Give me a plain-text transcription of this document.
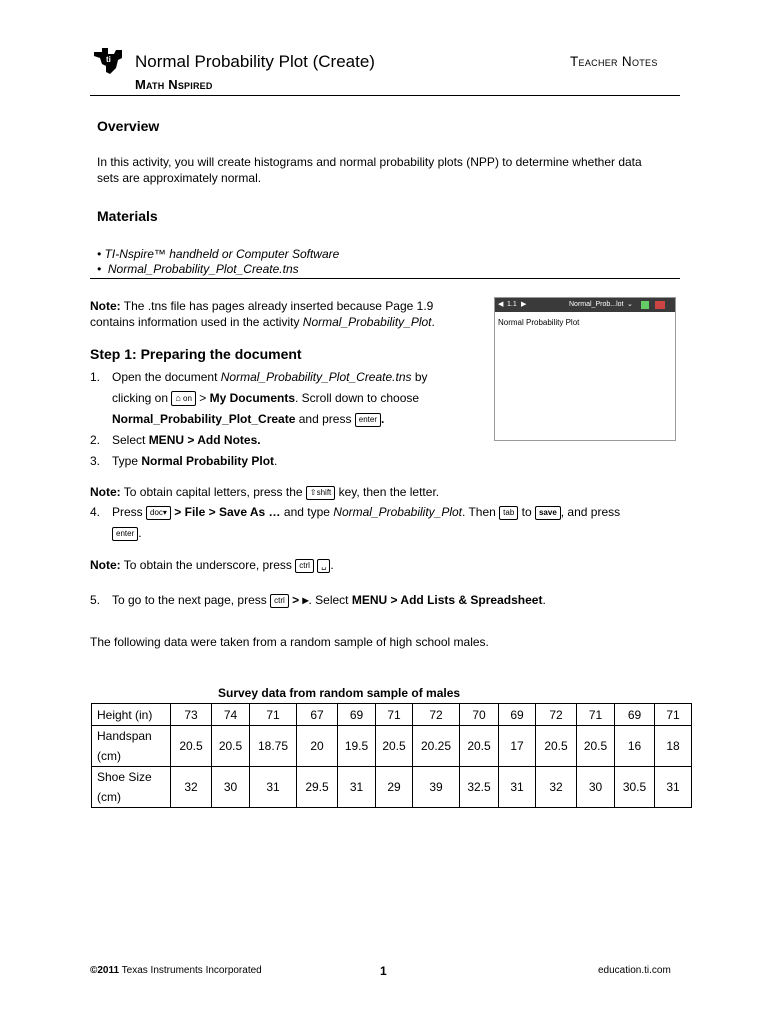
ti Normal Probability Plot (Create)
Math Nspired
Teacher Notes
Overview
In this activity, you will create histograms and normal probability plots (NPP) to determine whether data
sets are approximately normal.
Materials
• TI-Nspire™ handheld or Computer Software
•  Normal_Probability_Plot_Create.tns
Note: The .tns file has pages already inserted because Page 1.9
contains information used in the activity Normal_Probability_Plot.
◀ 1.1 ▶	Normal_Prob...lot ⌄
Normal Probability Plot
Step 1: Preparing the document
1. Open the document Normal_Probability_Plot_Create.tns by
clicking on ⌂ on > My Documents. Scroll down to choose
Normal_Probability_Plot_Create and press enter .
2. Select MENU > Add Notes.
3. Type Normal Probability Plot.
Note: To obtain capital letters, press the ⇧shift key, then the letter.
4. Press doc▾ > File > Save As … and type Normal_Probability_Plot. Then tab to save , and press
enter .
Note: To obtain the underscore, press ctrl ␣ .
5. To go to the next page, press ctrl > ▸. Select MENU > Add Lists & Spreadsheet.
The following data were taken from a random sample of high school males.
Survey data from random sample of males
Height (in)	73	74	71	67	69	71	72	70	69	72	71	69	71

Handspan
(cm)	20.5	20.5	18.75	20	19.5	20.5	20.25	20.5	17	20.5	20.5	16	18

Shoe Size
(cm)	32	30	31	29.5	31	29	39	32.5	31	32	30	30.5	31
©2011 Texas Instruments Incorporated	1	education.ti.com
